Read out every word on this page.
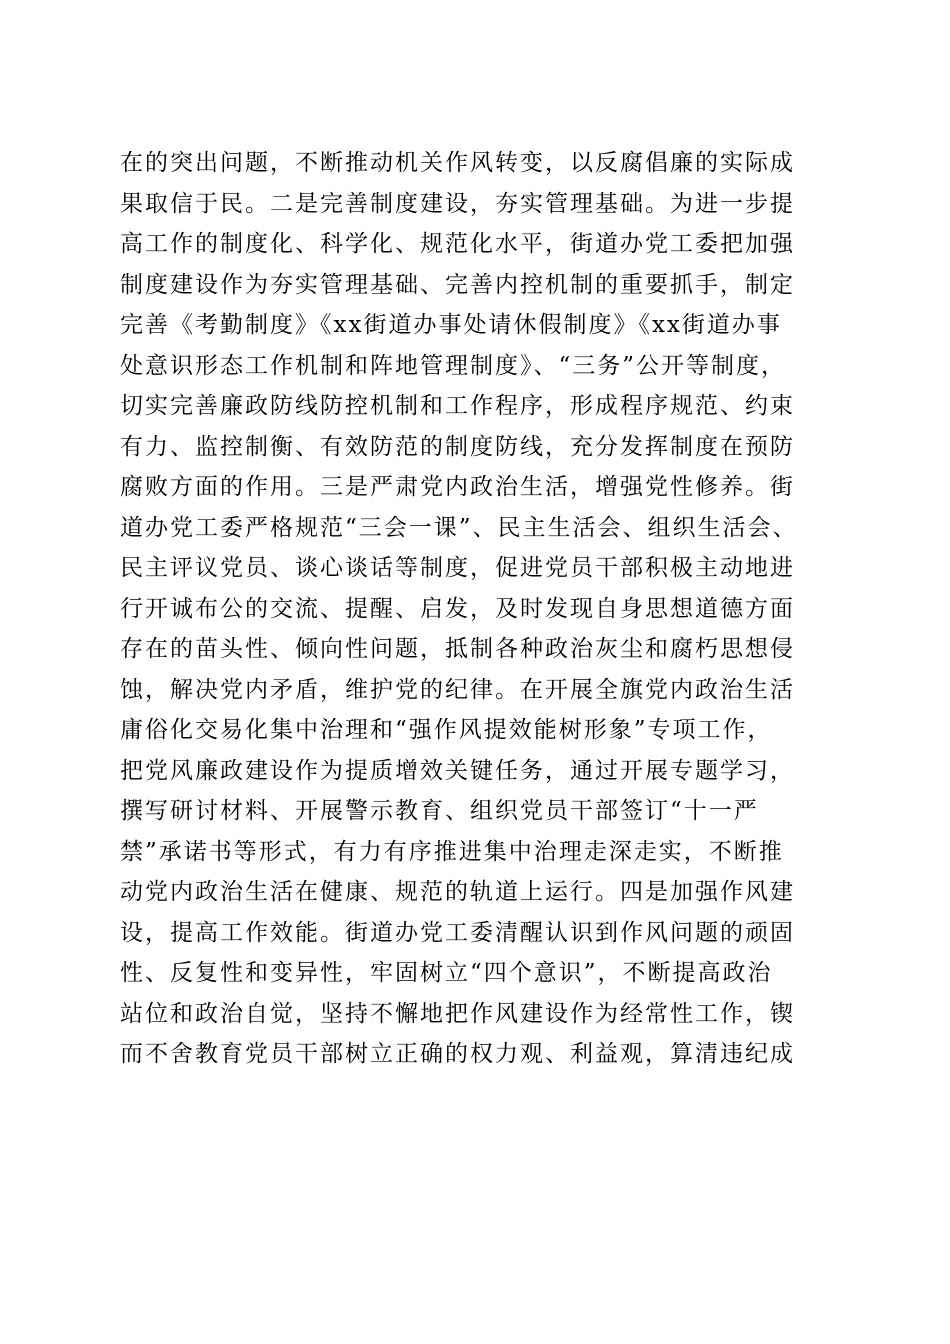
在的突出问题，不断推动机关作风转变，以反腐倡廉的实际成
果取信于民。二是完善制度建设，夯实管理基础。为进一步提
高工作的制度化、科学化、规范化水平，街道办党工委把加强
制度建设作为夯实管理基础、完善内控机制的重要抓手，制定
完善《考勤制度》《xx街道办事处请休假制度》《xx街道办事
处意识形态工作机制和阵地管理制度》、“三务”公开等制度，
切实完善廉政防线防控机制和工作程序，形成程序规范、约束
有力、监控制衡、有效防范的制度防线，充分发挥制度在预防
腐败方面的作用。三是严肃党内政治生活，增强党性修养。街
道办党工委严格规范“三会一课”、民主生活会、组织生活会、
民主评议党员、谈心谈话等制度，促进党员干部积极主动地进
行开诚布公的交流、提醒、启发，及时发现自身思想道德方面
存在的苗头性、倾向性问题，抵制各种政治灰尘和腐朽思想侵
蚀，解决党内矛盾，维护党的纪律。在开展全旗党内政治生活
庸俗化交易化集中治理和“强作风提效能树形象”专项工作，
把党风廉政建设作为提质增效关键任务，通过开展专题学习，
撰写研讨材料、开展警示教育、组织党员干部签订“十一严
禁”承诺书等形式，有力有序推进集中治理走深走实，不断推
动党内政治生活在健康、规范的轨道上运行。四是加强作风建
设，提高工作效能。街道办党工委清醒认识到作风问题的顽固
性、反复性和变异性，牢固树立“四个意识”，不断提高政治
站位和政治自觉，坚持不懈地把作风建设作为经常性工作，锲
而不舍教育党员干部树立正确的权力观、利益观，算清违纪成
